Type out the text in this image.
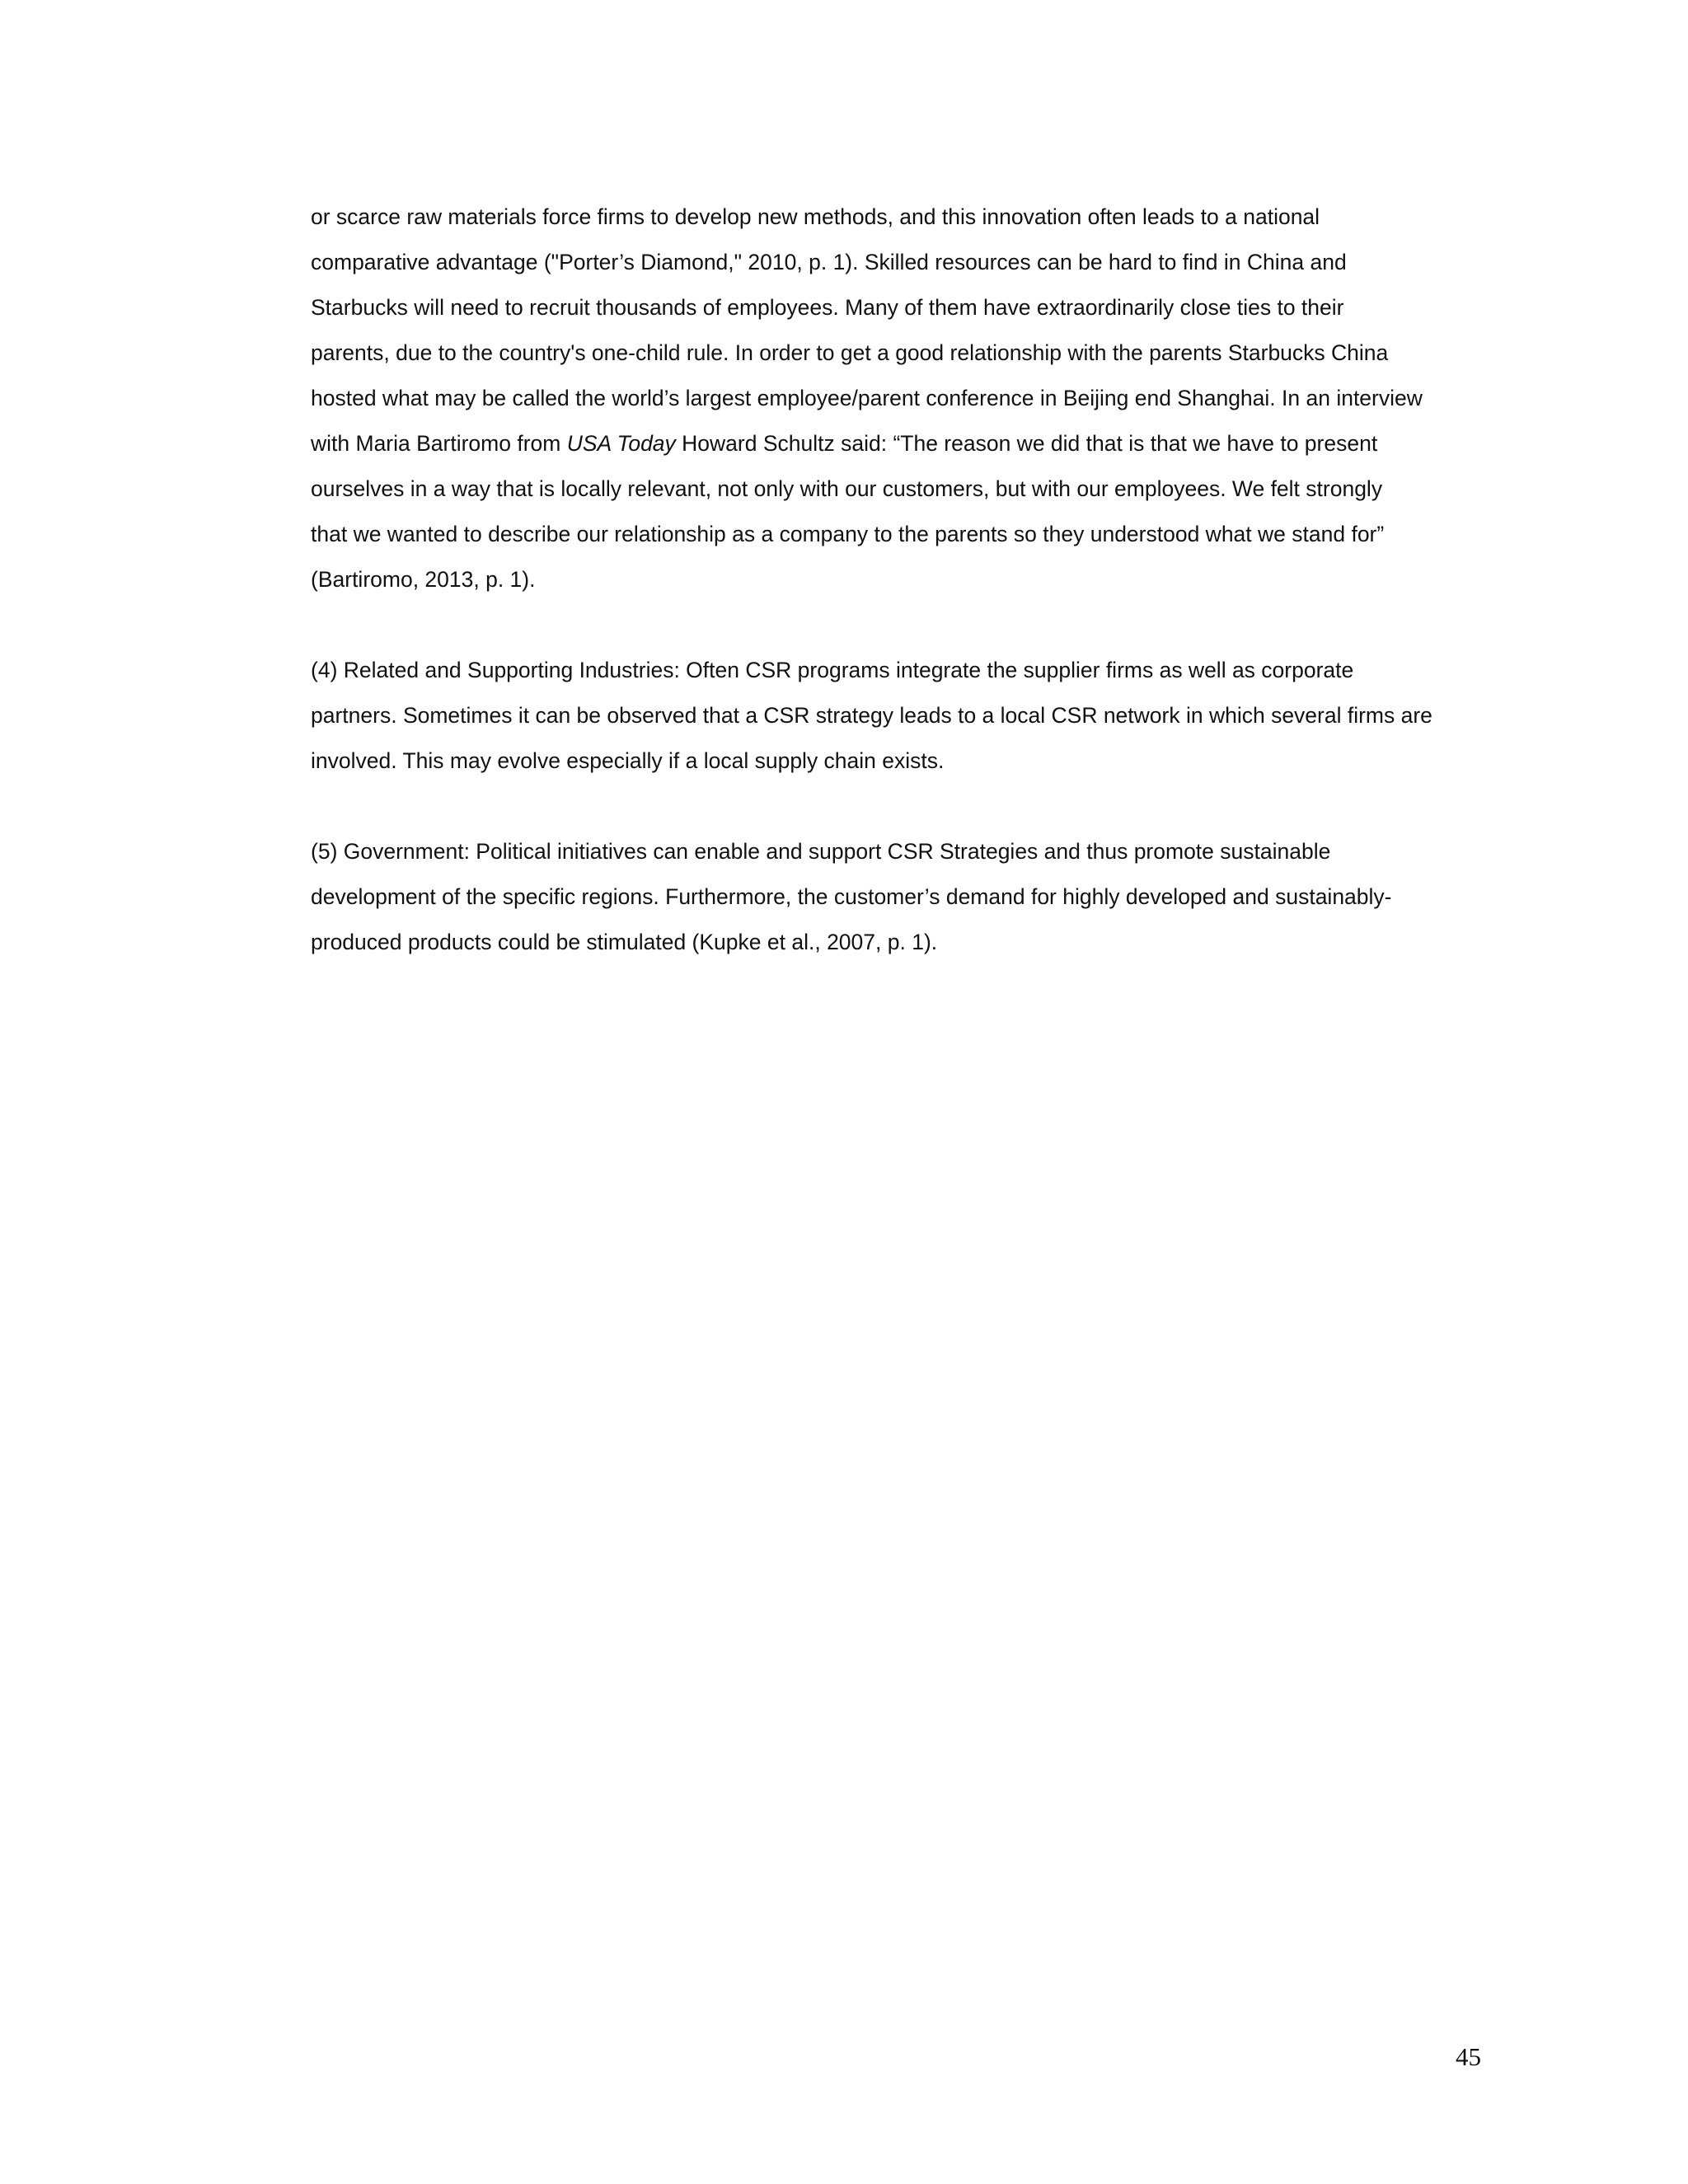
or scarce raw materials force firms to develop new methods, and this innovation often leads to a national
comparative advantage ("Porter’s Diamond," 2010, p. 1). Skilled resources can be hard to find in China and
Starbucks will need to recruit thousands of employees. Many of them have extraordinarily close ties to their
parents, due to the country's one-child rule. In order to get a good relationship with the parents Starbucks China
hosted what may be called the world’s largest employee/parent conference in Beijing end Shanghai. In an interview
with Maria Bartiromo from USA Today Howard Schultz said: “The reason we did that is that we have to present
ourselves in a way that is locally relevant, not only with our customers, but with our employees. We felt strongly
that we wanted to describe our relationship as a company to the parents so they understood what we stand for”
(Bartiromo, 2013, p. 1).

(4) Related and Supporting Industries: Often CSR programs integrate the supplier firms as well as corporate
partners. Sometimes it can be observed that a CSR strategy leads to a local CSR network in which several firms are
involved. This may evolve especially if a local supply chain exists.

(5) Government: Political initiatives can enable and support CSR Strategies and thus promote sustainable
development of the specific regions. Furthermore, the customer’s demand for highly developed and sustainably-
produced products could be stimulated (Kupke et al., 2007, p. 1).

45
